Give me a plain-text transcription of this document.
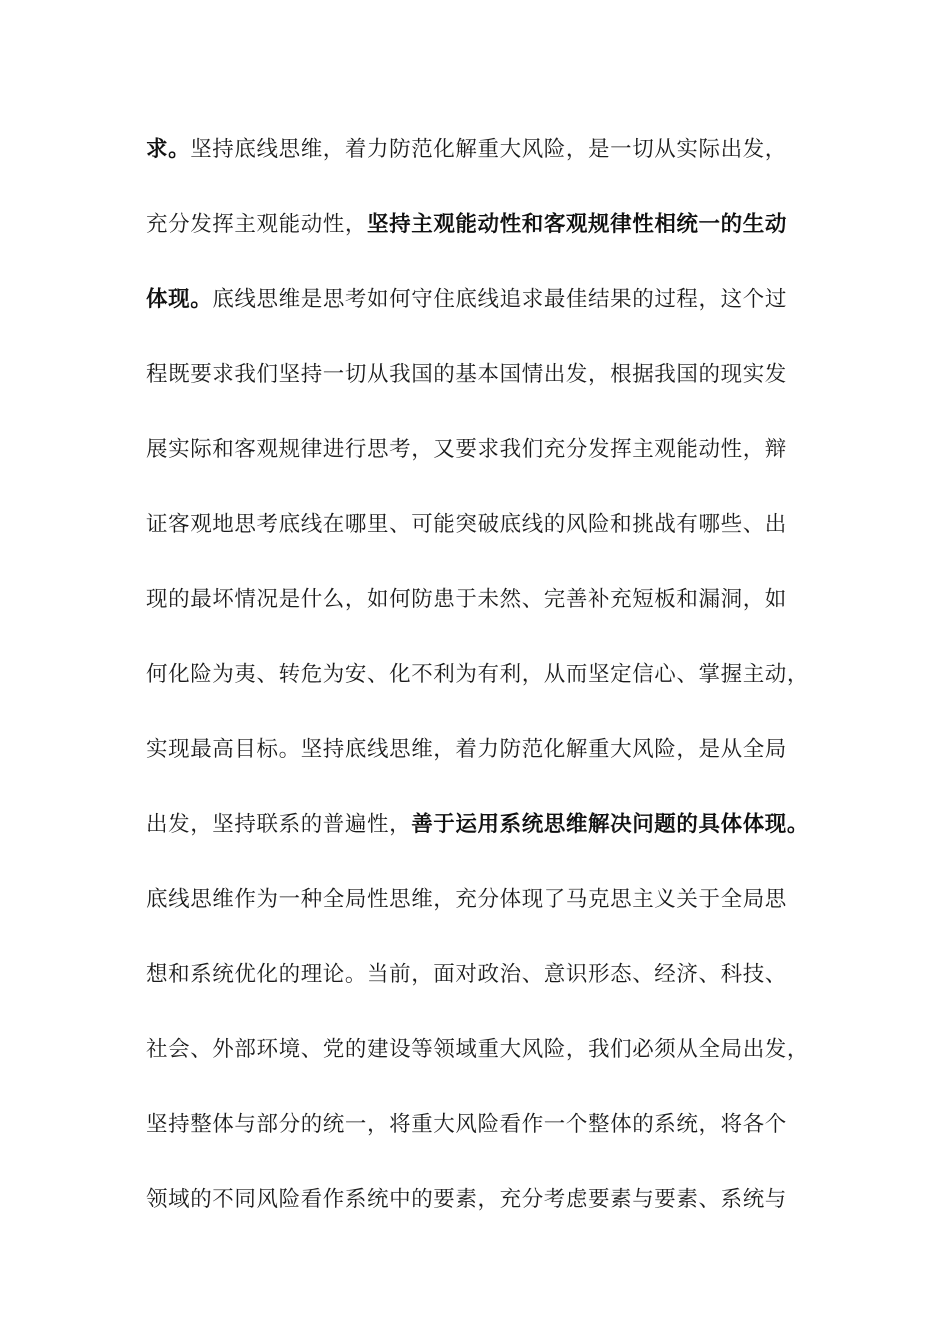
求。坚持底线思维，着力防范化解重大风险，是一切从实际出发，
充分发挥主观能动性，坚持主观能动性和客观规律性相统一的生动
体现。底线思维是思考如何守住底线追求最佳结果的过程，这个过
程既要求我们坚持一切从我国的基本国情出发，根据我国的现实发
展实际和客观规律进行思考，又要求我们充分发挥主观能动性，辩
证客观地思考底线在哪里、可能突破底线的风险和挑战有哪些、出
现的最坏情况是什么，如何防患于未然、完善补充短板和漏洞，如
何化险为夷、转危为安、化不利为有利，从而坚定信心、掌握主动，
实现最高目标。坚持底线思维，着力防范化解重大风险，是从全局
出发，坚持联系的普遍性，善于运用系统思维解决问题的具体体现。
底线思维作为一种全局性思维，充分体现了马克思主义关于全局思
想和系统优化的理论。当前，面对政治、意识形态、经济、科技、
社会、外部环境、党的建设等领域重大风险，我们必须从全局出发，
坚持整体与部分的统一，将重大风险看作一个整体的系统，将各个
领域的不同风险看作系统中的要素，充分考虑要素与要素、系统与
